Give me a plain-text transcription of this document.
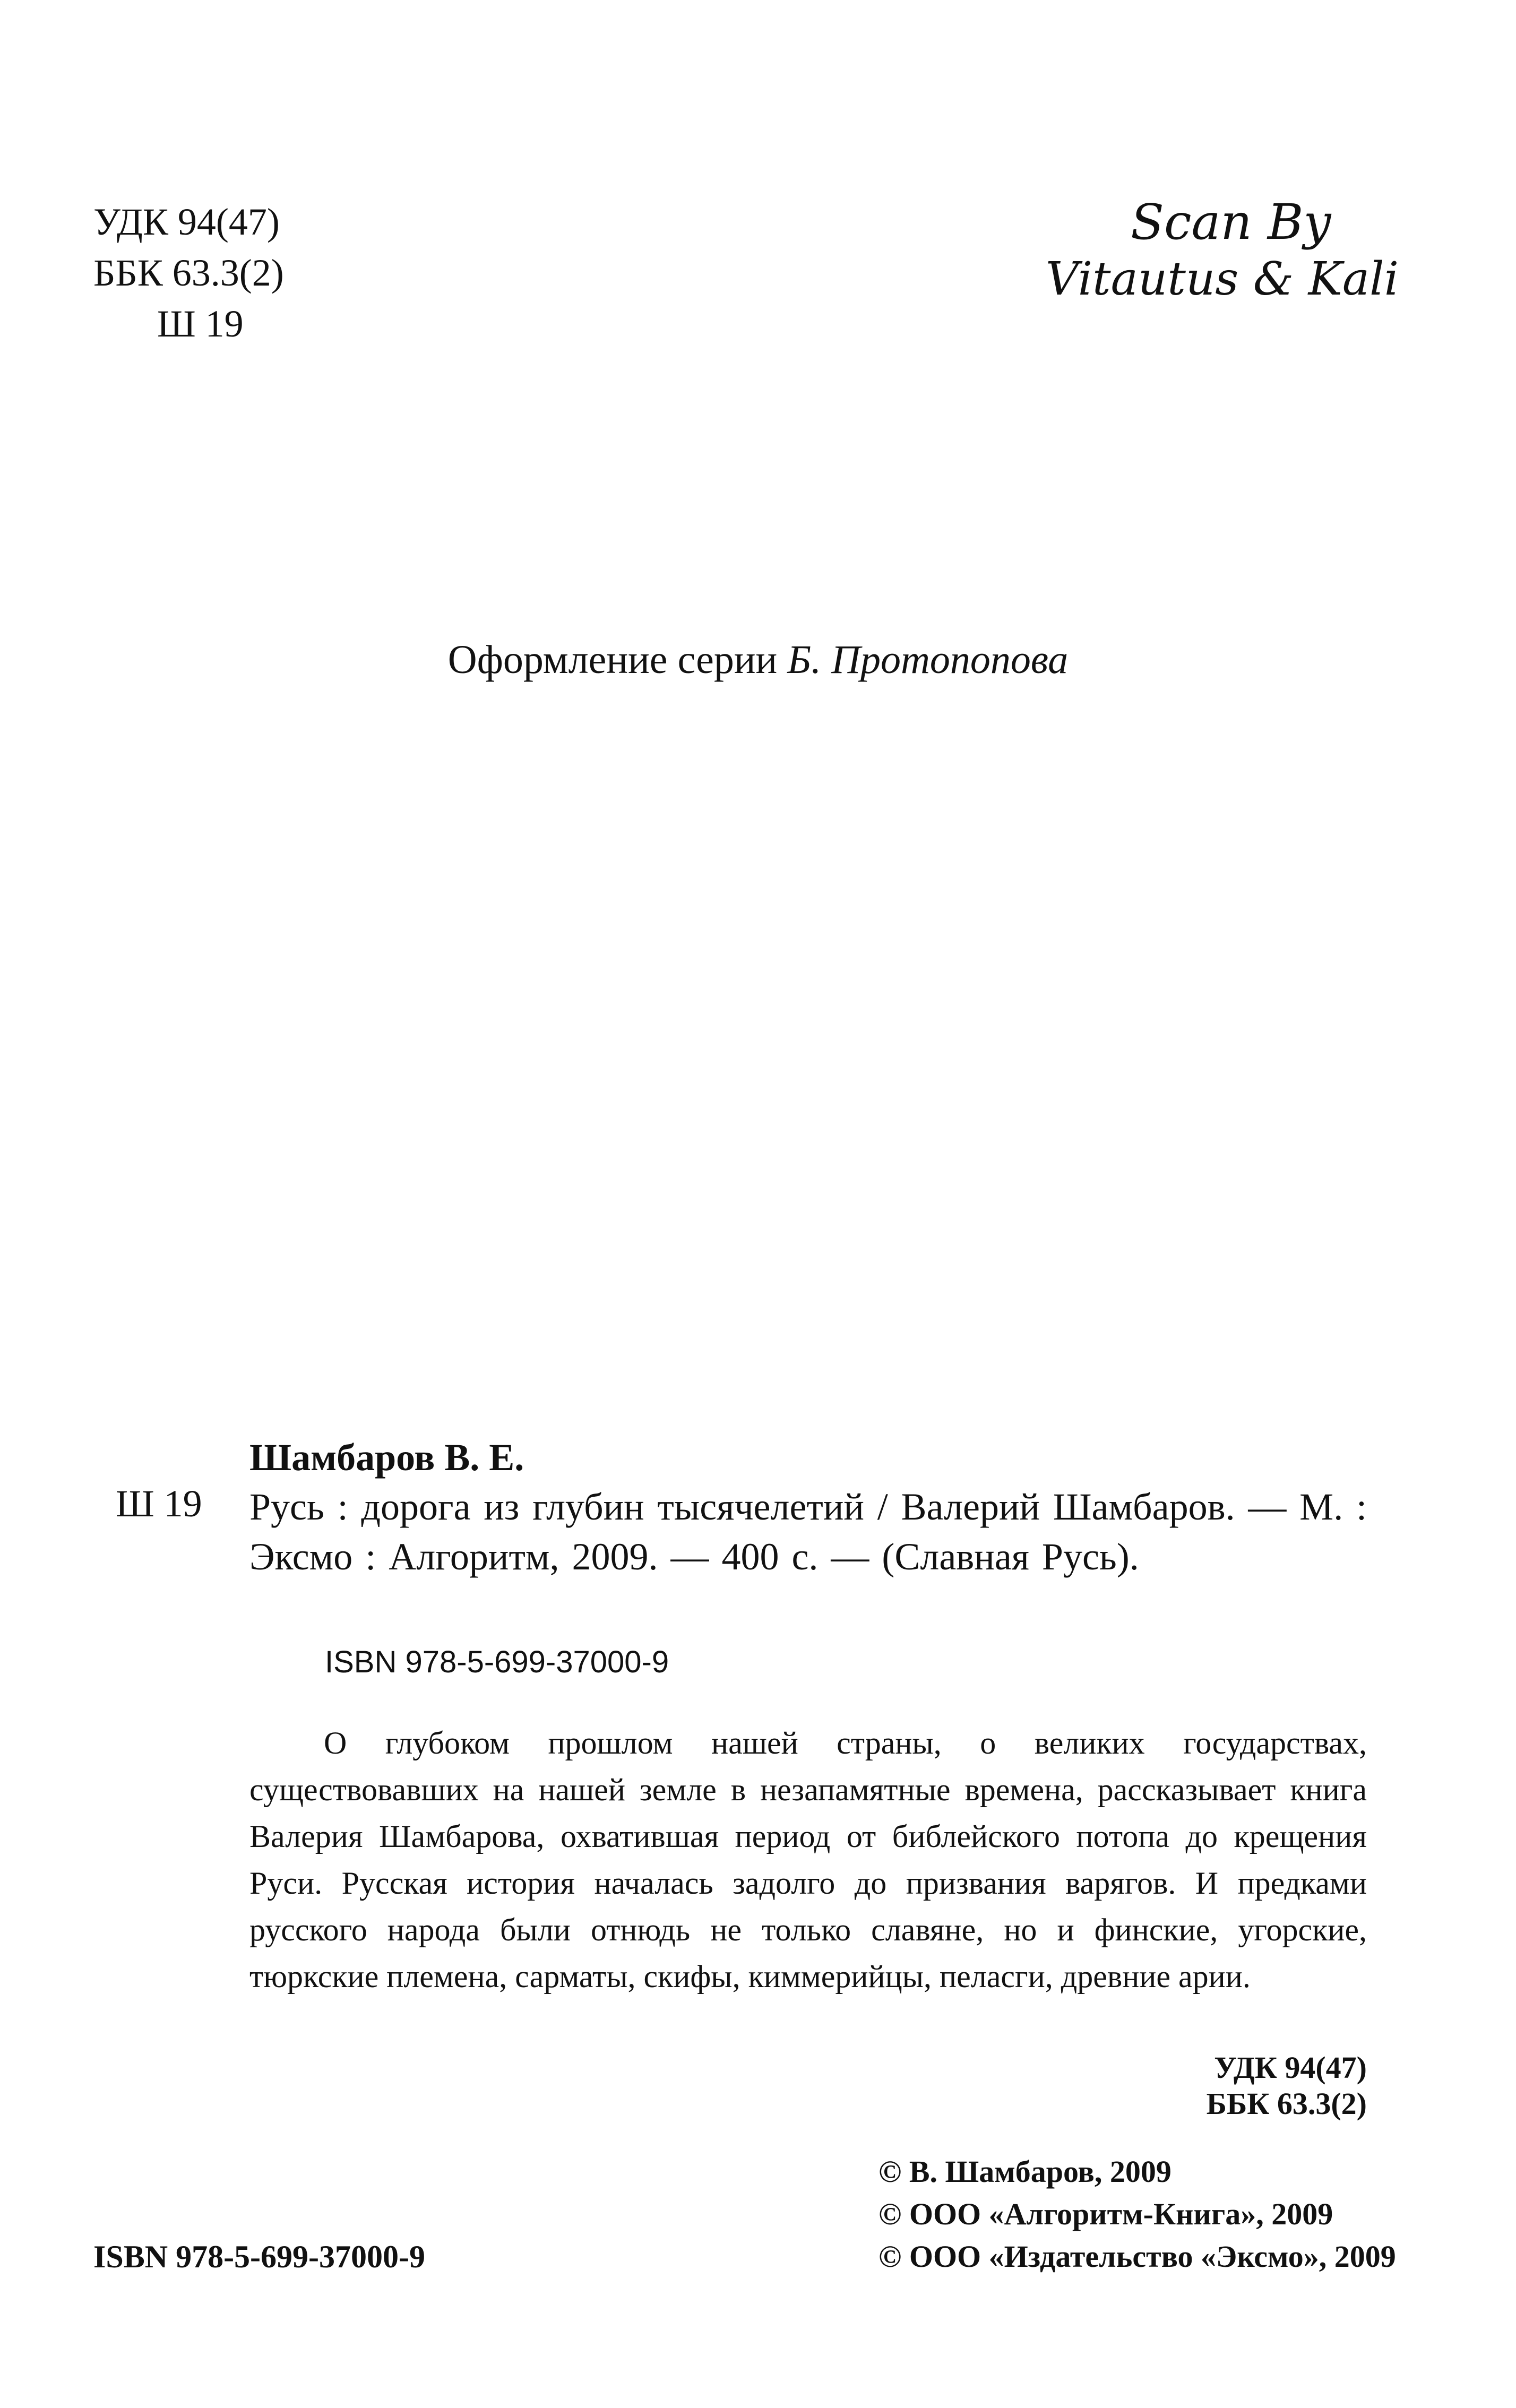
УДК 94(47)
ББК 63.3(2)
Ш 19
Scan By
Vitautus & Kali
Оформление серии Б. Протопопова
Шамбаров В. Е.
Ш 19 Русь : дорога из глубин тысячелетий / Валерий Шамбаров. — М. : Эксмо : Алгоритм, 2009. — 400 с. — (Славная Русь).
ISBN 978-5-699-37000-9
О глубоком прошлом нашей страны, о великих государствах, существовавших на нашей земле в незапамятные времена, рассказывает книга Валерия Шамбарова, охватившая период от библейского потопа до крещения Руси. Русская история началась задолго до призвания варягов. И предками русского народа были отнюдь не только славяне, но и финские, угорские, тюркские племена, сарматы, скифы, киммерийцы, пеласги, древние арии.
УДК 94(47)
ББК 63.3(2)
© В. Шамбаров, 2009
© ООО «Алгоритм-Книга», 2009
© ООО «Издательство «Эксмо», 2009
ISBN 978-5-699-37000-9
